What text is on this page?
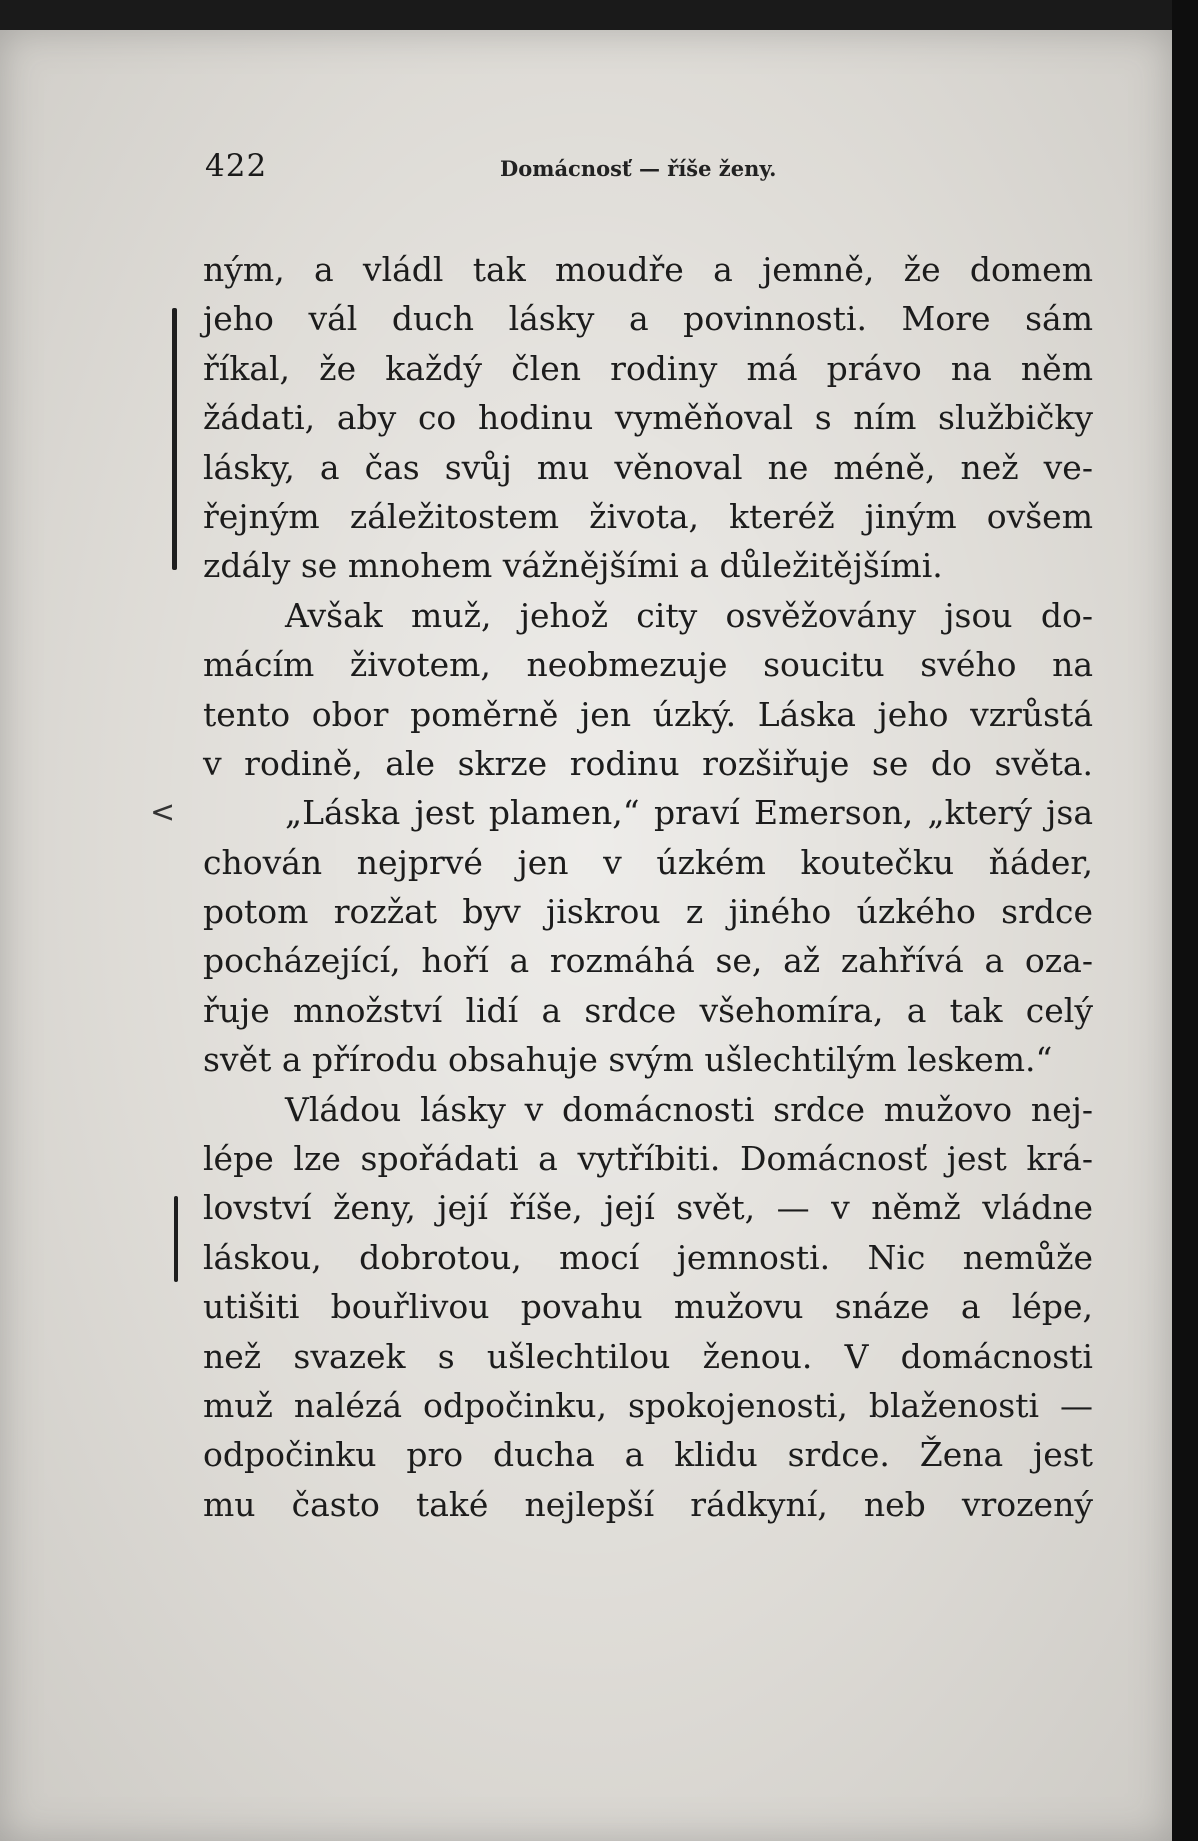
422	Domácnosť — říše ženy.
<
ným, a vládl tak moudře a jemně, že domem
jeho vál duch lásky a povinnosti. More sám
říkal, že každý člen rodiny má právo na něm
žádati, aby co hodinu vyměňoval s ním službičky
lásky, a čas svůj mu věnoval ne méně, než ve-
řejným záležitostem života, kteréž jiným ovšem
zdály se mnohem vážnějšími a důležitějšími.
Avšak muž, jehož city osvěžovány jsou do-
mácím životem, neobmezuje soucitu svého na
tento obor poměrně jen úzký. Láska jeho vzrůstá
v rodině, ale skrze rodinu rozšiřuje se do světa.
„Láska jest plamen,“ praví Emerson, „který jsa
chován nejprvé jen v úzkém koutečku ňáder,
potom rozžat byv jiskrou z jiného úzkého srdce
pocházející, hoří a rozmáhá se, až zahřívá a oza-
řuje množství lidí a srdce všehomíra, a tak celý
svět a přírodu obsahuje svým ušlechtilým leskem.“
Vládou lásky v domácnosti srdce mužovo nej-
lépe lze spořádati a vytříbiti. Domácnosť jest krá-
lovství ženy, její říše, její svět, — v němž vládne
láskou, dobrotou, mocí jemnosti. Nic nemůže
utišiti bouřlivou povahu mužovu snáze a lépe,
než svazek s ušlechtilou ženou. V domácnosti
muž nalézá odpočinku, spokojenosti, blaženosti —
odpočinku pro ducha a klidu srdce. Žena jest
mu často také nejlepší rádkyní, neb vrozený
